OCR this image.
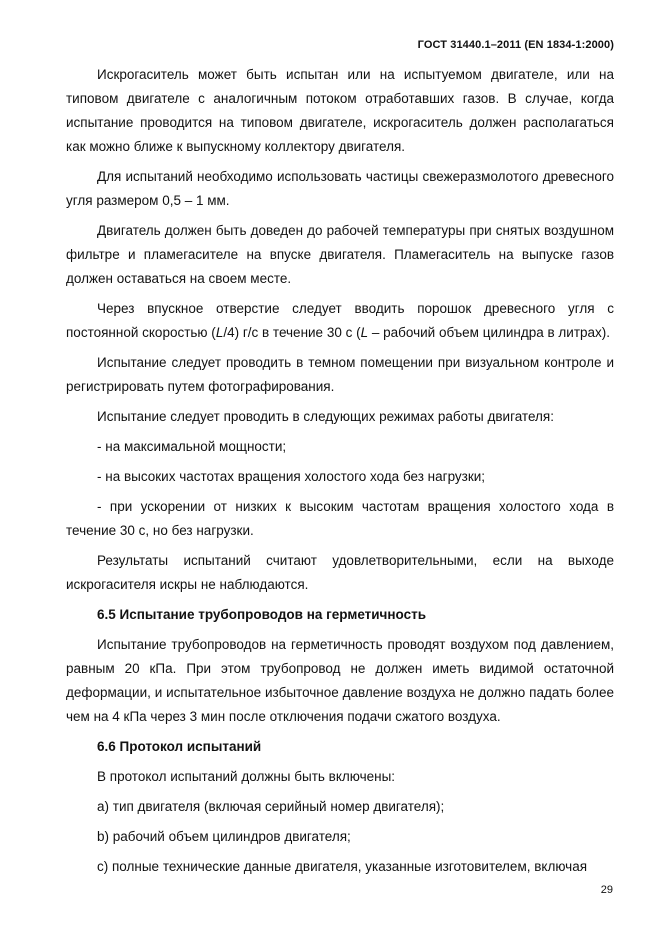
ГОСТ 31440.1–2011 (EN 1834-1:2000)

Искрогаситель может быть испытан или на испытуемом двигателе, или на типовом двигателе с аналогичным потоком отработавших газов. В случае, когда испытание проводится на типовом двигателе, искрогаситель должен располагаться как можно ближе к выпускному коллектору двигателя.

Для испытаний необходимо использовать частицы свежеразмолотого древесного угля размером 0,5 – 1 мм.

Двигатель должен быть доведен до рабочей температуры при снятых воздушном фильтре и пламегасителе на впуске двигателя. Пламегаситель на выпуске газов должен оставаться на своем месте.

Через впускное отверстие следует вводить порошок древесного угля с постоянной скоростью (L/4) г/с в течение 30 с (L – рабочий объем цилиндра в литрах).

Испытание следует проводить в темном помещении при визуальном контроле и регистрировать путем фотографирования.

Испытание следует проводить в следующих режимах работы двигателя:

- на максимальной мощности;

- на высоких частотах вращения холостого хода без нагрузки;

- при ускорении от низких к высоким частотам вращения холостого хода в течение 30 с, но без нагрузки.

Результаты испытаний считают удовлетворительными, если на выходе искрогасителя искры не наблюдаются.

6.5 Испытание трубопроводов на герметичность

Испытание трубопроводов на герметичность проводят воздухом под давлением, равным 20 кПа. При этом трубопровод не должен иметь видимой остаточной деформации, и испытательное избыточное давление воздуха не должно падать более чем на 4 кПа через 3 мин после отключения подачи сжатого воздуха.

6.6 Протокол испытаний

В протокол испытаний должны быть включены:

a) тип двигателя (включая серийный номер двигателя);

b) рабочий объем цилиндров двигателя;

c) полные технические данные двигателя, указанные изготовителем, включая

29
